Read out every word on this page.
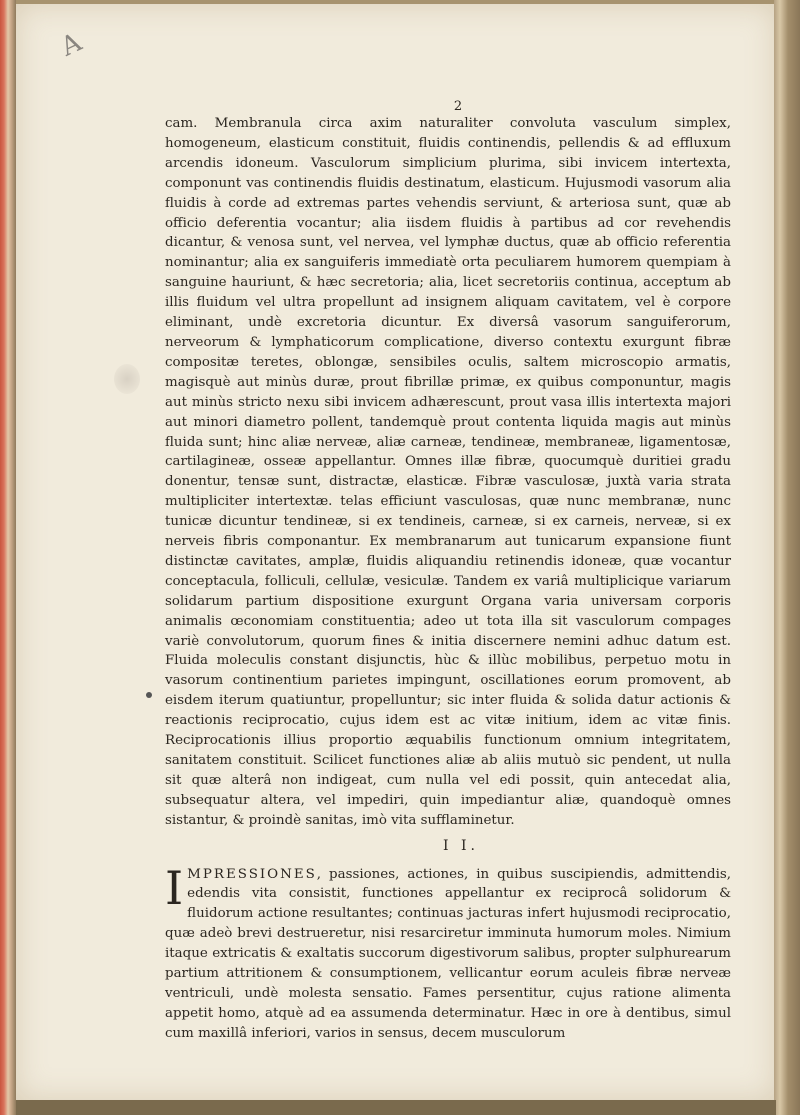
A
2

cam. Membranula circa axim naturaliter convoluta vasculum simplex, homogeneum, elasticum constituit, fluidis continendis, pellendis & ad effluxum arcendis idoneum. Vasculorum simplicium plurima, sibi invicem intertexta, componunt vas continendis fluidis destinatum, elasticum. Hujusmodi vasorum alia fluidis à corde ad extremas partes vehendis serviunt, & arteriosa sunt, quæ ab officio deferentia vocantur; alia iisdem fluidis à partibus ad cor revehendis dicantur, & venosa sunt, vel nervea, vel lymphæ ductus, quæ ab officio referentia nominantur; alia ex sanguiferis immediatè orta peculiarem humorem quempiam à sanguine hauriunt, & hæc secretoria; alia, licet secretoriis continua, acceptum ab illis fluidum vel ultra propellunt ad insignem aliquam cavitatem, vel è corpore eliminant, undè excretoria dicuntur. Ex diversâ vasorum sanguiferorum, nerveorum & lymphaticorum complicatione, diverso contextu exurgunt fibræ compositæ teretes, oblongæ, sensibiles oculis, saltem microscopio armatis, magisquè aut minùs duræ, prout fibrillæ primæ, ex quibus componuntur, magis aut minùs stricto nexu sibi invicem adhærescunt, prout vasa illis intertexta majori aut minori diametro pollent, tandemquè prout contenta liquida magis aut minùs fluida sunt; hinc aliæ nerveæ, aliæ carneæ, tendineæ, membraneæ, ligamentosæ, cartilagineæ, osseæ appellantur. Omnes illæ fibræ, quocumquè duritiei gradu donentur, tensæ sunt, distractæ, elasticæ. Fibræ vasculosæ, juxtà varia strata multipliciter intertextæ. telas efficiunt vasculosas, quæ nunc membranæ, nunc tunicæ dicuntur tendineæ, si ex tendineis, carneæ, si ex carneis, nerveæ, si ex nerveis fibris componantur. Ex membranarum aut tunicarum expansione fiunt distinctæ cavitates, amplæ, fluidis aliquandiu retinendis idoneæ, quæ vocantur conceptacula, folliculi, cellulæ, vesiculæ. Tandem ex variâ multiplicique variarum solidarum partium dispositione exurgunt Organa varia universam corporis animalis œconomiam constituentia; adeo ut tota illa sit vasculorum compages variè convolutorum, quorum fines & initia discernere nemini adhuc datum est. Fluida moleculis constant disjunctis, hùc & illùc mobilibus, perpetuo motu in vasorum continentium parietes impingunt, oscillationes eorum promovent, ab eisdem iterum quatiuntur, propelluntur; sic inter fluida & solida datur actionis & reactionis reciprocatio, cujus idem est ac vitæ initium, idem ac vitæ finis. Reciprocationis illius proportio æquabilis functionum omnium integritatem, sanitatem constituit. Scilicet functiones aliæ ab aliis mutuò sic pendent, ut nulla sit quæ alterâ non indigeat, cum nulla vel edi possit, quin antecedat alia, subsequatur altera, vel impediri, quin impediantur aliæ, quandoquè omnes sistantur, & proindè sanitas, imò vita sufflaminetur.

I I.

IMPRESSIONES, passiones, actiones, in quibus suscipiendis, admittendis, edendis vita consistit, functiones appellantur ex reciprocâ solidorum & fluidorum actione resultantes; continuas jacturas infert hujusmodi reciprocatio, quæ adeò brevi destrueretur, nisi resarciretur imminuta humorum moles. Nimium itaque extricatis & exaltatis succorum digestivorum salibus, propter sulphurearum partium attritionem & consumptionem, vellicantur eorum aculeis fibræ nerveæ ventriculi, undè molesta sensatio. Fames persentitur, cujus ratione alimenta appetit homo, atquè ad ea assumenda determinatur. Hæc in ore à dentibus, simul cum maxillâ inferiori, varios in sensus, decem musculorum
